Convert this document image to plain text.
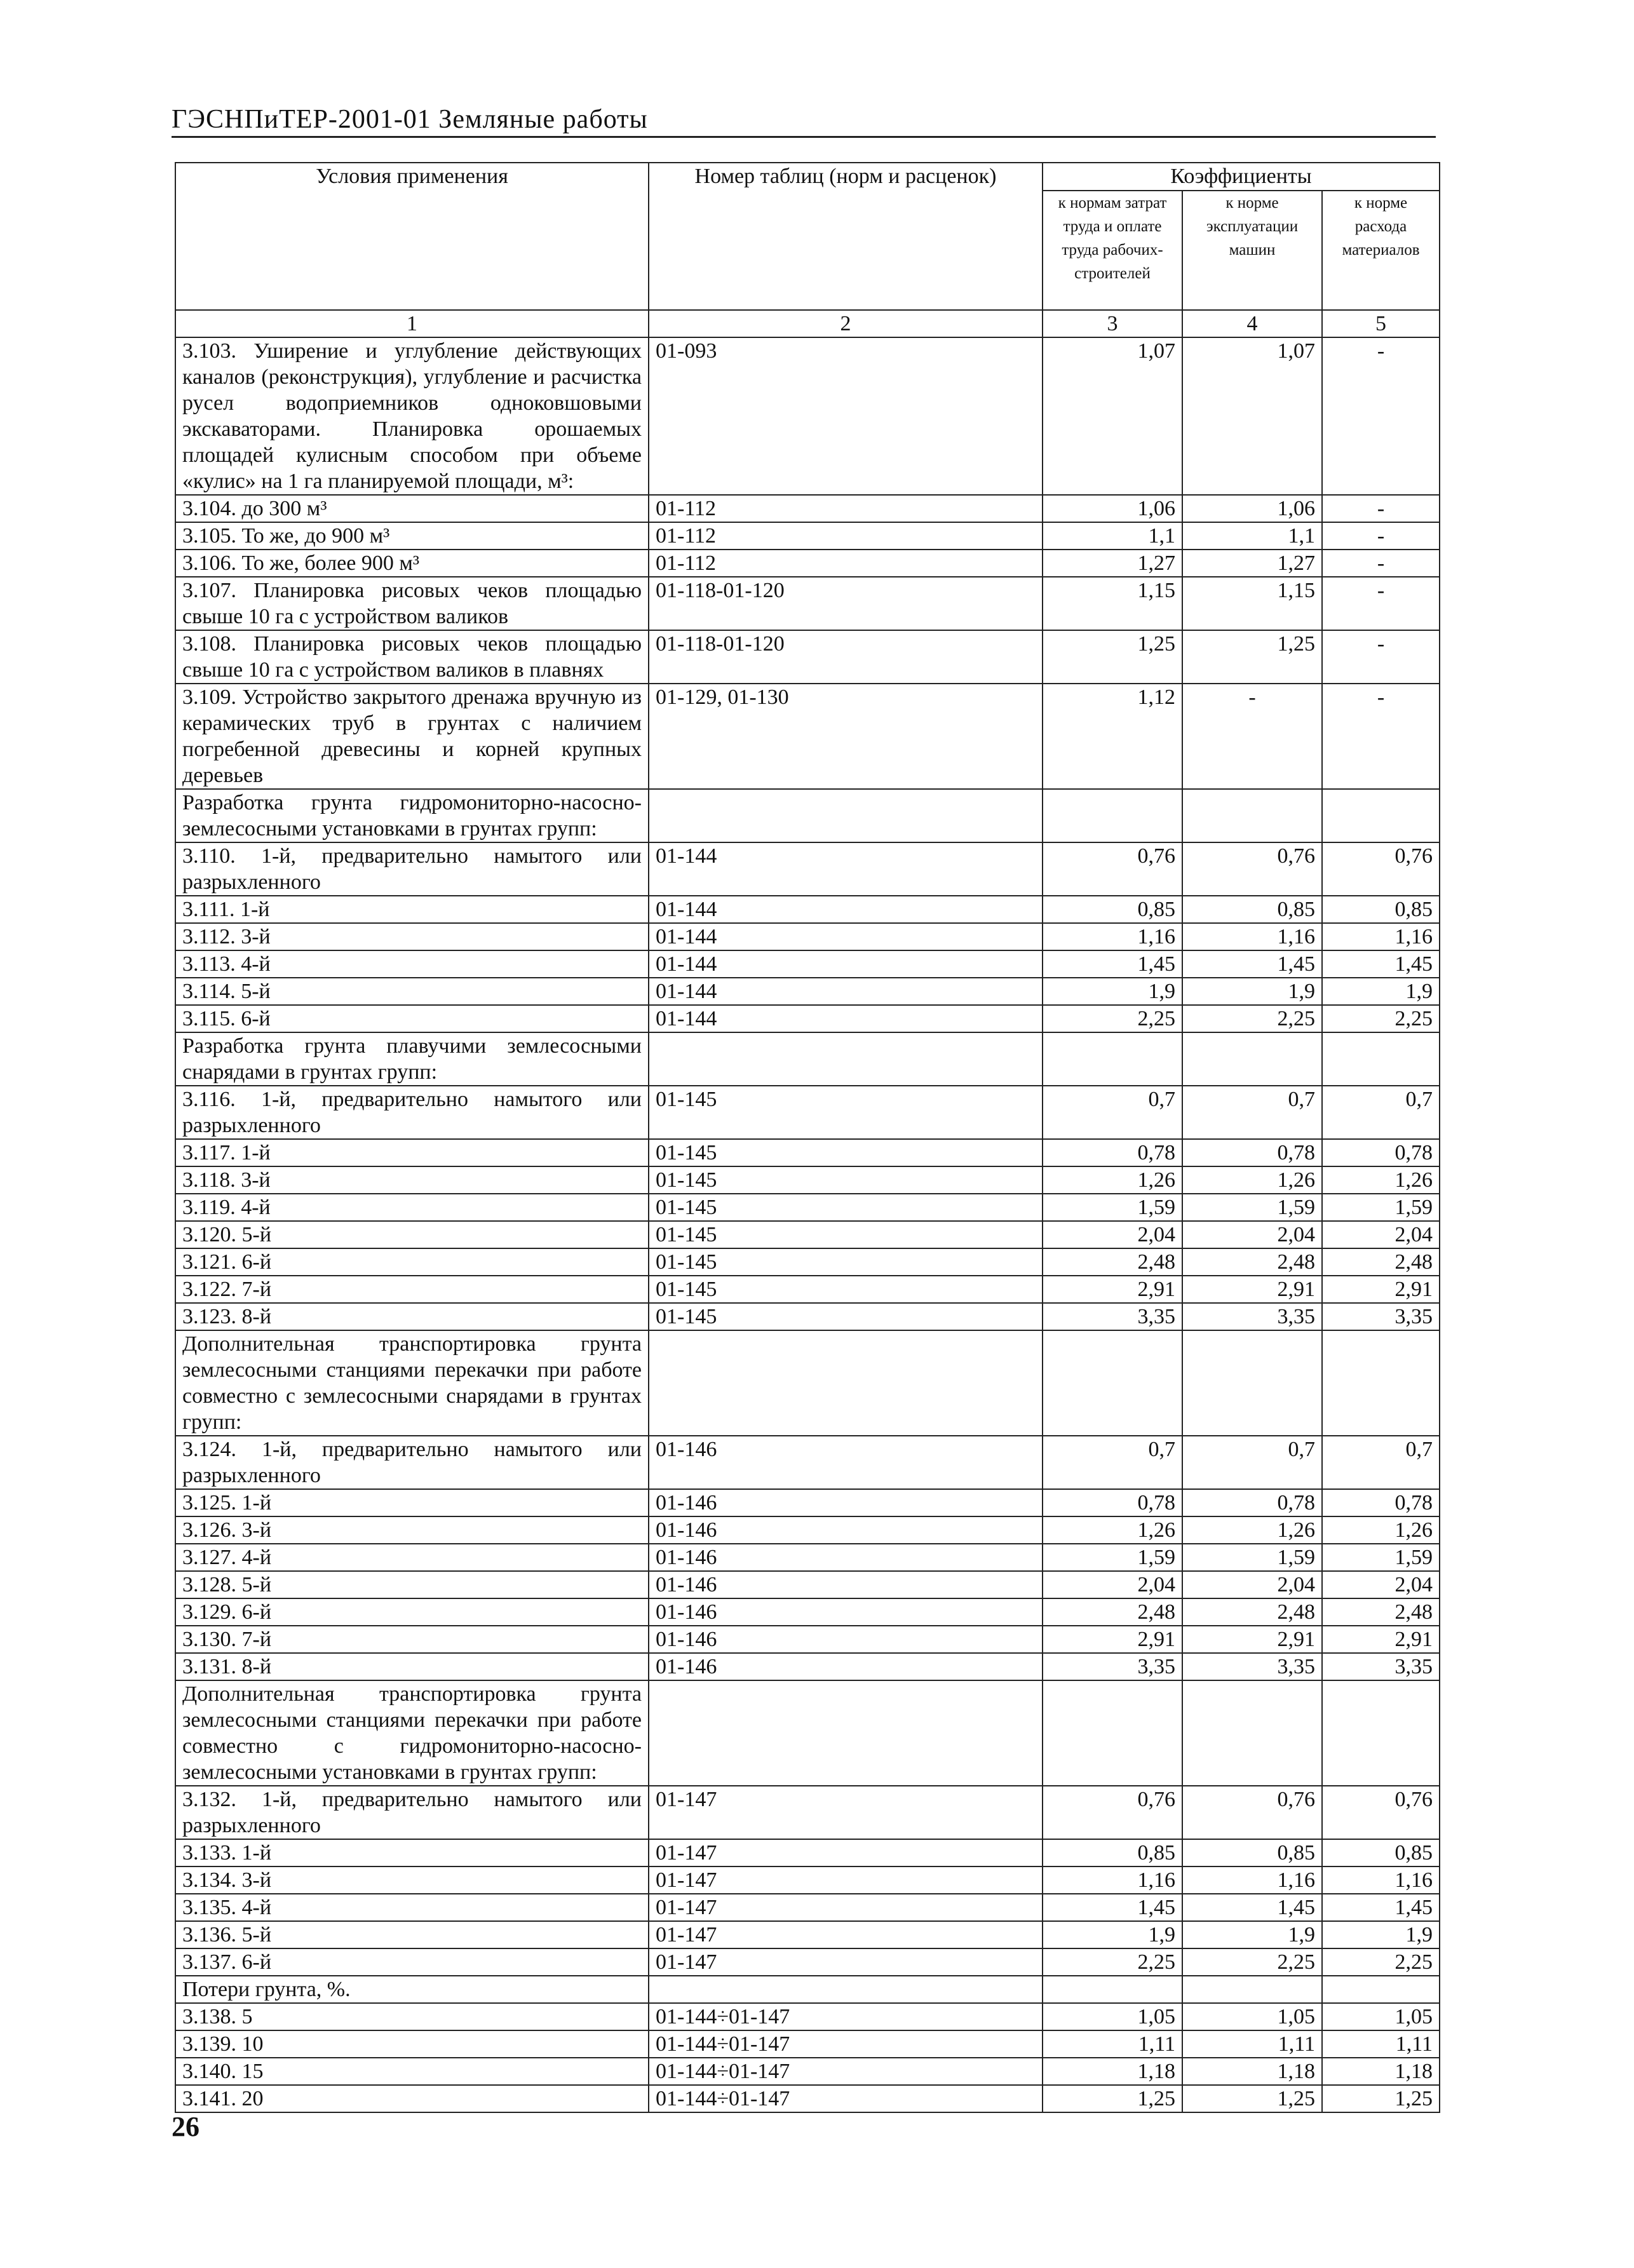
ГЭСНПиТЕР-2001-01 Земляные работы
Условия применения	Номер таблиц (норм и расценок)	Коэффициенты		
		к нормам затрат труда и оплате труда рабочих-строителей	к норме эксплуатации машин	к норме расхода материалов
1	2	3	4	5
3.103. Уширение и углубление действующих каналов (реконструкция), углубление и расчистка русел водоприемников одноковшовыми экскаваторами. Планировка орошаемых площадей кулисным способом при объеме «кулис» на 1 га планируемой площади, м³:	01-093	1,07	1,07	-
3.104. до 300 м³	01-112	1,06	1,06	-
3.105. То же, до 900 м³	01-112	1,1	1,1	-
3.106. То же, более 900 м³	01-112	1,27	1,27	-
3.107. Планировка рисовых чеков площадью свыше 10 га с устройством валиков	01-118-01-120	1,15	1,15	-
3.108. Планировка рисовых чеков площадью свыше 10 га с устройством валиков в плавнях	01-118-01-120	1,25	1,25	-
3.109. Устройство закрытого дренажа вручную из керамических труб в грунтах с наличием погребенной древесины и корней крупных деревьев	01-129, 01-130	1,12	-	-
Разработка грунта гидромониторно-насосно-землесосными установками в грунтах групп:				
3.110. 1-й, предварительно намытого или разрыхленного	01-144	0,76	0,76	0,76
3.111. 1-й	01-144	0,85	0,85	0,85
3.112. 3-й	01-144	1,16	1,16	1,16
3.113. 4-й	01-144	1,45	1,45	1,45
3.114. 5-й	01-144	1,9	1,9	1,9
3.115. 6-й	01-144	2,25	2,25	2,25
Разработка грунта плавучими землесосными снарядами в грунтах групп:				
3.116. 1-й, предварительно намытого или разрыхленного	01-145	0,7	0,7	0,7
3.117. 1-й	01-145	0,78	0,78	0,78
3.118. 3-й	01-145	1,26	1,26	1,26
3.119. 4-й	01-145	1,59	1,59	1,59
3.120. 5-й	01-145	2,04	2,04	2,04
3.121. 6-й	01-145	2,48	2,48	2,48
3.122. 7-й	01-145	2,91	2,91	2,91
3.123. 8-й	01-145	3,35	3,35	3,35
Дополнительная транспортировка грунта землесосными станциями перекачки при работе совместно с землесосными снарядами в грунтах групп:				
3.124. 1-й, предварительно намытого или разрыхленного	01-146	0,7	0,7	0,7
3.125. 1-й	01-146	0,78	0,78	0,78
3.126. 3-й	01-146	1,26	1,26	1,26
3.127. 4-й	01-146	1,59	1,59	1,59
3.128. 5-й	01-146	2,04	2,04	2,04
3.129. 6-й	01-146	2,48	2,48	2,48
3.130. 7-й	01-146	2,91	2,91	2,91
3.131. 8-й	01-146	3,35	3,35	3,35
Дополнительная транспортировка грунта землесосными станциями перекачки при работе совместно с гидромониторно-насосно-землесосными установками в грунтах групп:				
3.132. 1-й, предварительно намытого или разрыхленного	01-147	0,76	0,76	0,76
3.133. 1-й	01-147	0,85	0,85	0,85
3.134. 3-й	01-147	1,16	1,16	1,16
3.135. 4-й	01-147	1,45	1,45	1,45
3.136. 5-й	01-147	1,9	1,9	1,9
3.137. 6-й	01-147	2,25	2,25	2,25
Потери грунта, %.				
3.138. 5	01-144÷01-147	1,05	1,05	1,05
3.139. 10	01-144÷01-147	1,11	1,11	1,11
3.140. 15	01-144÷01-147	1,18	1,18	1,18
3.141. 20	01-144÷01-147	1,25	1,25	1,25
26
